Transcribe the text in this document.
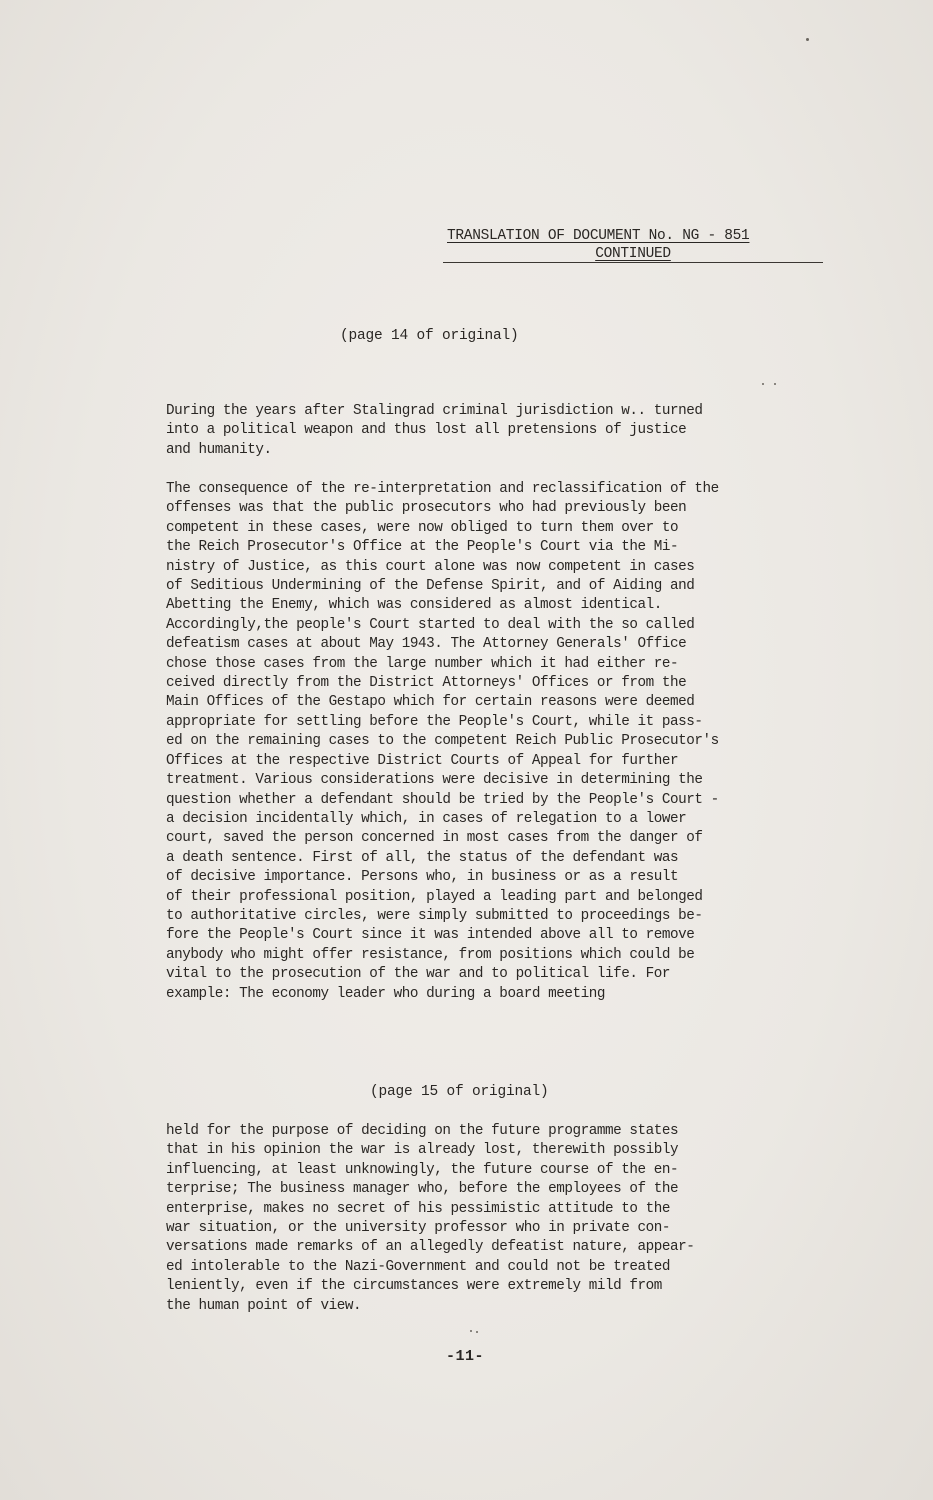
TRANSLATION OF DOCUMENT No. NG - 851
CONTINUED
(page 14 of original)
During the years after Stalingrad criminal jurisdiction w.. turned
into a political weapon and thus lost all pretensions of justice
and humanity.
The consequence of the re-interpretation and reclassification of the
offenses was that the public prosecutors who had previously been
competent in these cases, were now obliged to turn them over to
the Reich Prosecutor's Office at the People's Court via the Mi-
nistry of Justice, as this court alone was now competent in cases
of Seditious Undermining of the Defense Spirit, and of Aiding and
Abetting the Enemy, which was considered as almost identical.
Accordingly,the people's Court started to deal with the so called
defeatism cases at about May 1943. The Attorney Generals' Office
chose those cases from the large number which it had either re-
ceived directly from the District Attorneys' Offices or from the
Main Offices of the Gestapo which for certain reasons were deemed
appropriate for settling before the People's Court, while it pass-
ed on the remaining cases to the competent Reich Public Prosecutor's
Offices at the respective District Courts of Appeal for further
treatment. Various considerations were decisive in determining the
question whether a defendant should be tried by the People's Court -
a decision incidentally which, in cases of relegation to a lower
court, saved the person concerned in most cases from the danger of
a death sentence. First of all, the status of the defendant was
of decisive importance. Persons who, in business or as a result
of their professional position, played a leading part and belonged
to authoritative circles, were simply submitted to proceedings be-
fore the People's Court since it was intended above all to remove
anybody who might offer resistance, from positions which could be
vital to the prosecution of the war and to political life. For
example: The economy leader who during a board meeting
(page 15 of original)
held for the purpose of deciding on the future programme states
that in his opinion the war is already lost, therewith possibly
influencing, at least unknowingly, the future course of the en-
terprise; The business manager who, before the employees of the
enterprise, makes no secret of his pessimistic attitude to the
war situation, or the university professor who in private con-
versations made remarks of an allegedly defeatist nature, appear-
ed intolerable to the Nazi-Government and could not be treated
leniently, even if the circumstances were extremely mild from
the human point of view.
-11-
